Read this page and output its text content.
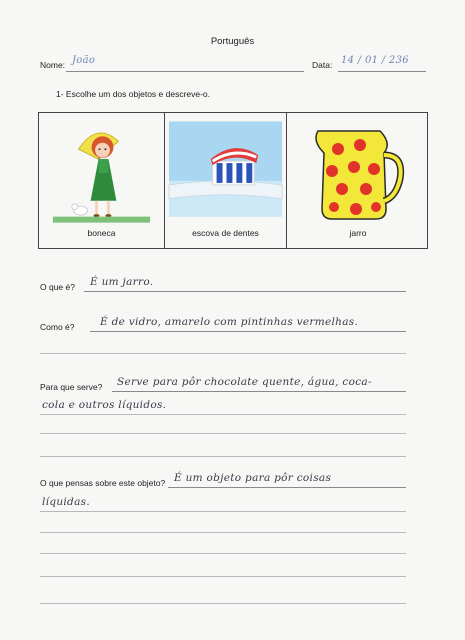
Português
Nome: João	Data: 14 / 01 / 236
1- Escolhe um dos objetos e descreve-o.
boneca	escova de dentes	jarro
O que é? É um jarro.
Como é? É de vidro, amarelo com pintinhas vermelhas.
Para que serve? Serve para pôr chocolate quente, água, coca-
cola e outros líquidos.
O que pensas sobre este objeto? É um objeto para pôr coisas
líquidas.
